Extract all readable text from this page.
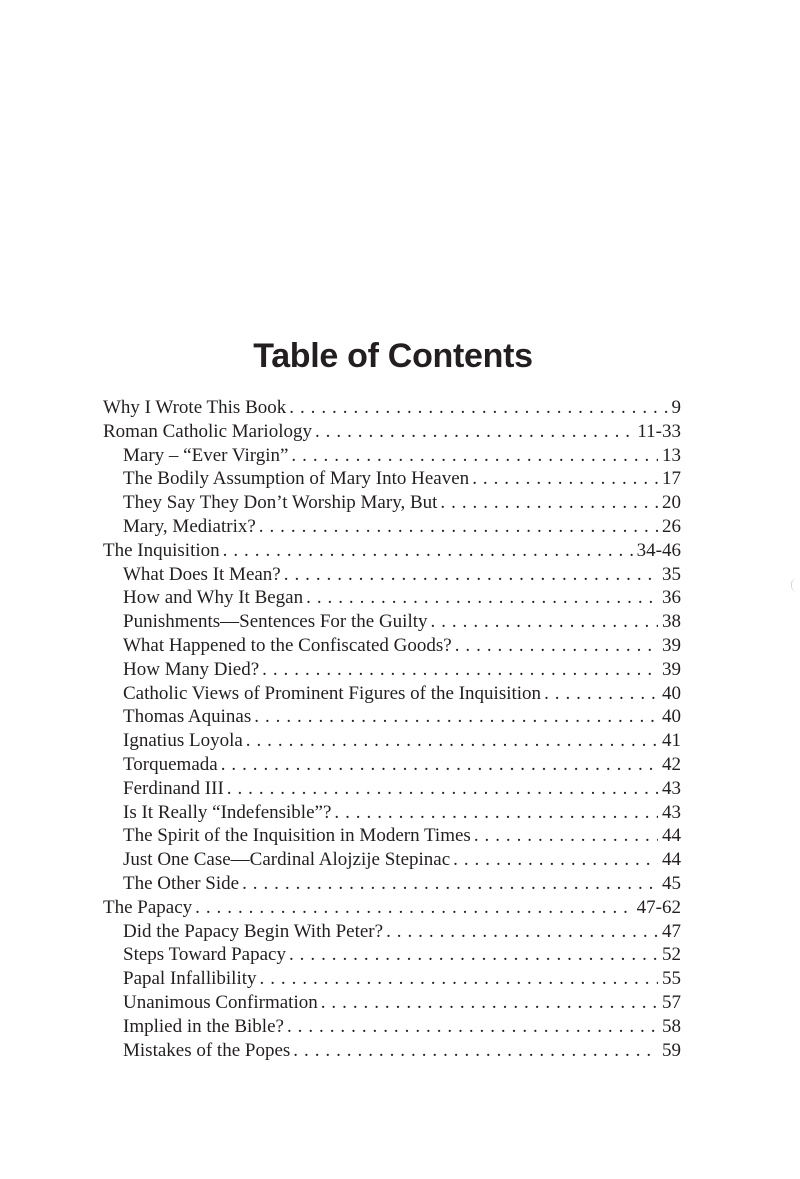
Table of Contents
Why I Wrote This Book . . .	9
Roman Catholic Mariology . . .	11-33
Mary – “Ever Virgin” . . .	13
The Bodily Assumption of Mary Into Heaven . . .	17
They Say They Don’t Worship Mary, But . . .	20
Mary, Mediatrix? . . .	26
The Inquisition . . .	34-46
What Does It Mean? . . .	35
How and Why It Began . . .	36
Punishments—Sentences For the Guilty . . .	38
What Happened to the Confiscated Goods? . . .	39
How Many Died? . . .	39
Catholic Views of Prominent Figures of the Inquisition . . .	40
Thomas Aquinas . . .	40
Ignatius Loyola . . .	41
Torquemada . . .	42
Ferdinand III . . .	43
Is It Really “Indefensible”? . . .	43
The Spirit of the Inquisition in Modern Times . . .	44
Just One Case—Cardinal Alojzije Stepinac . . .	44
The Other Side . . .	45
The Papacy . . .	47-62
Did the Papacy Begin With Peter? . . .	47
Steps Toward Papacy . . .	52
Papal Infallibility . . .	55
Unanimous Confirmation . . .	57
Implied in the Bible? . . .	58
Mistakes of the Popes . . .	59
